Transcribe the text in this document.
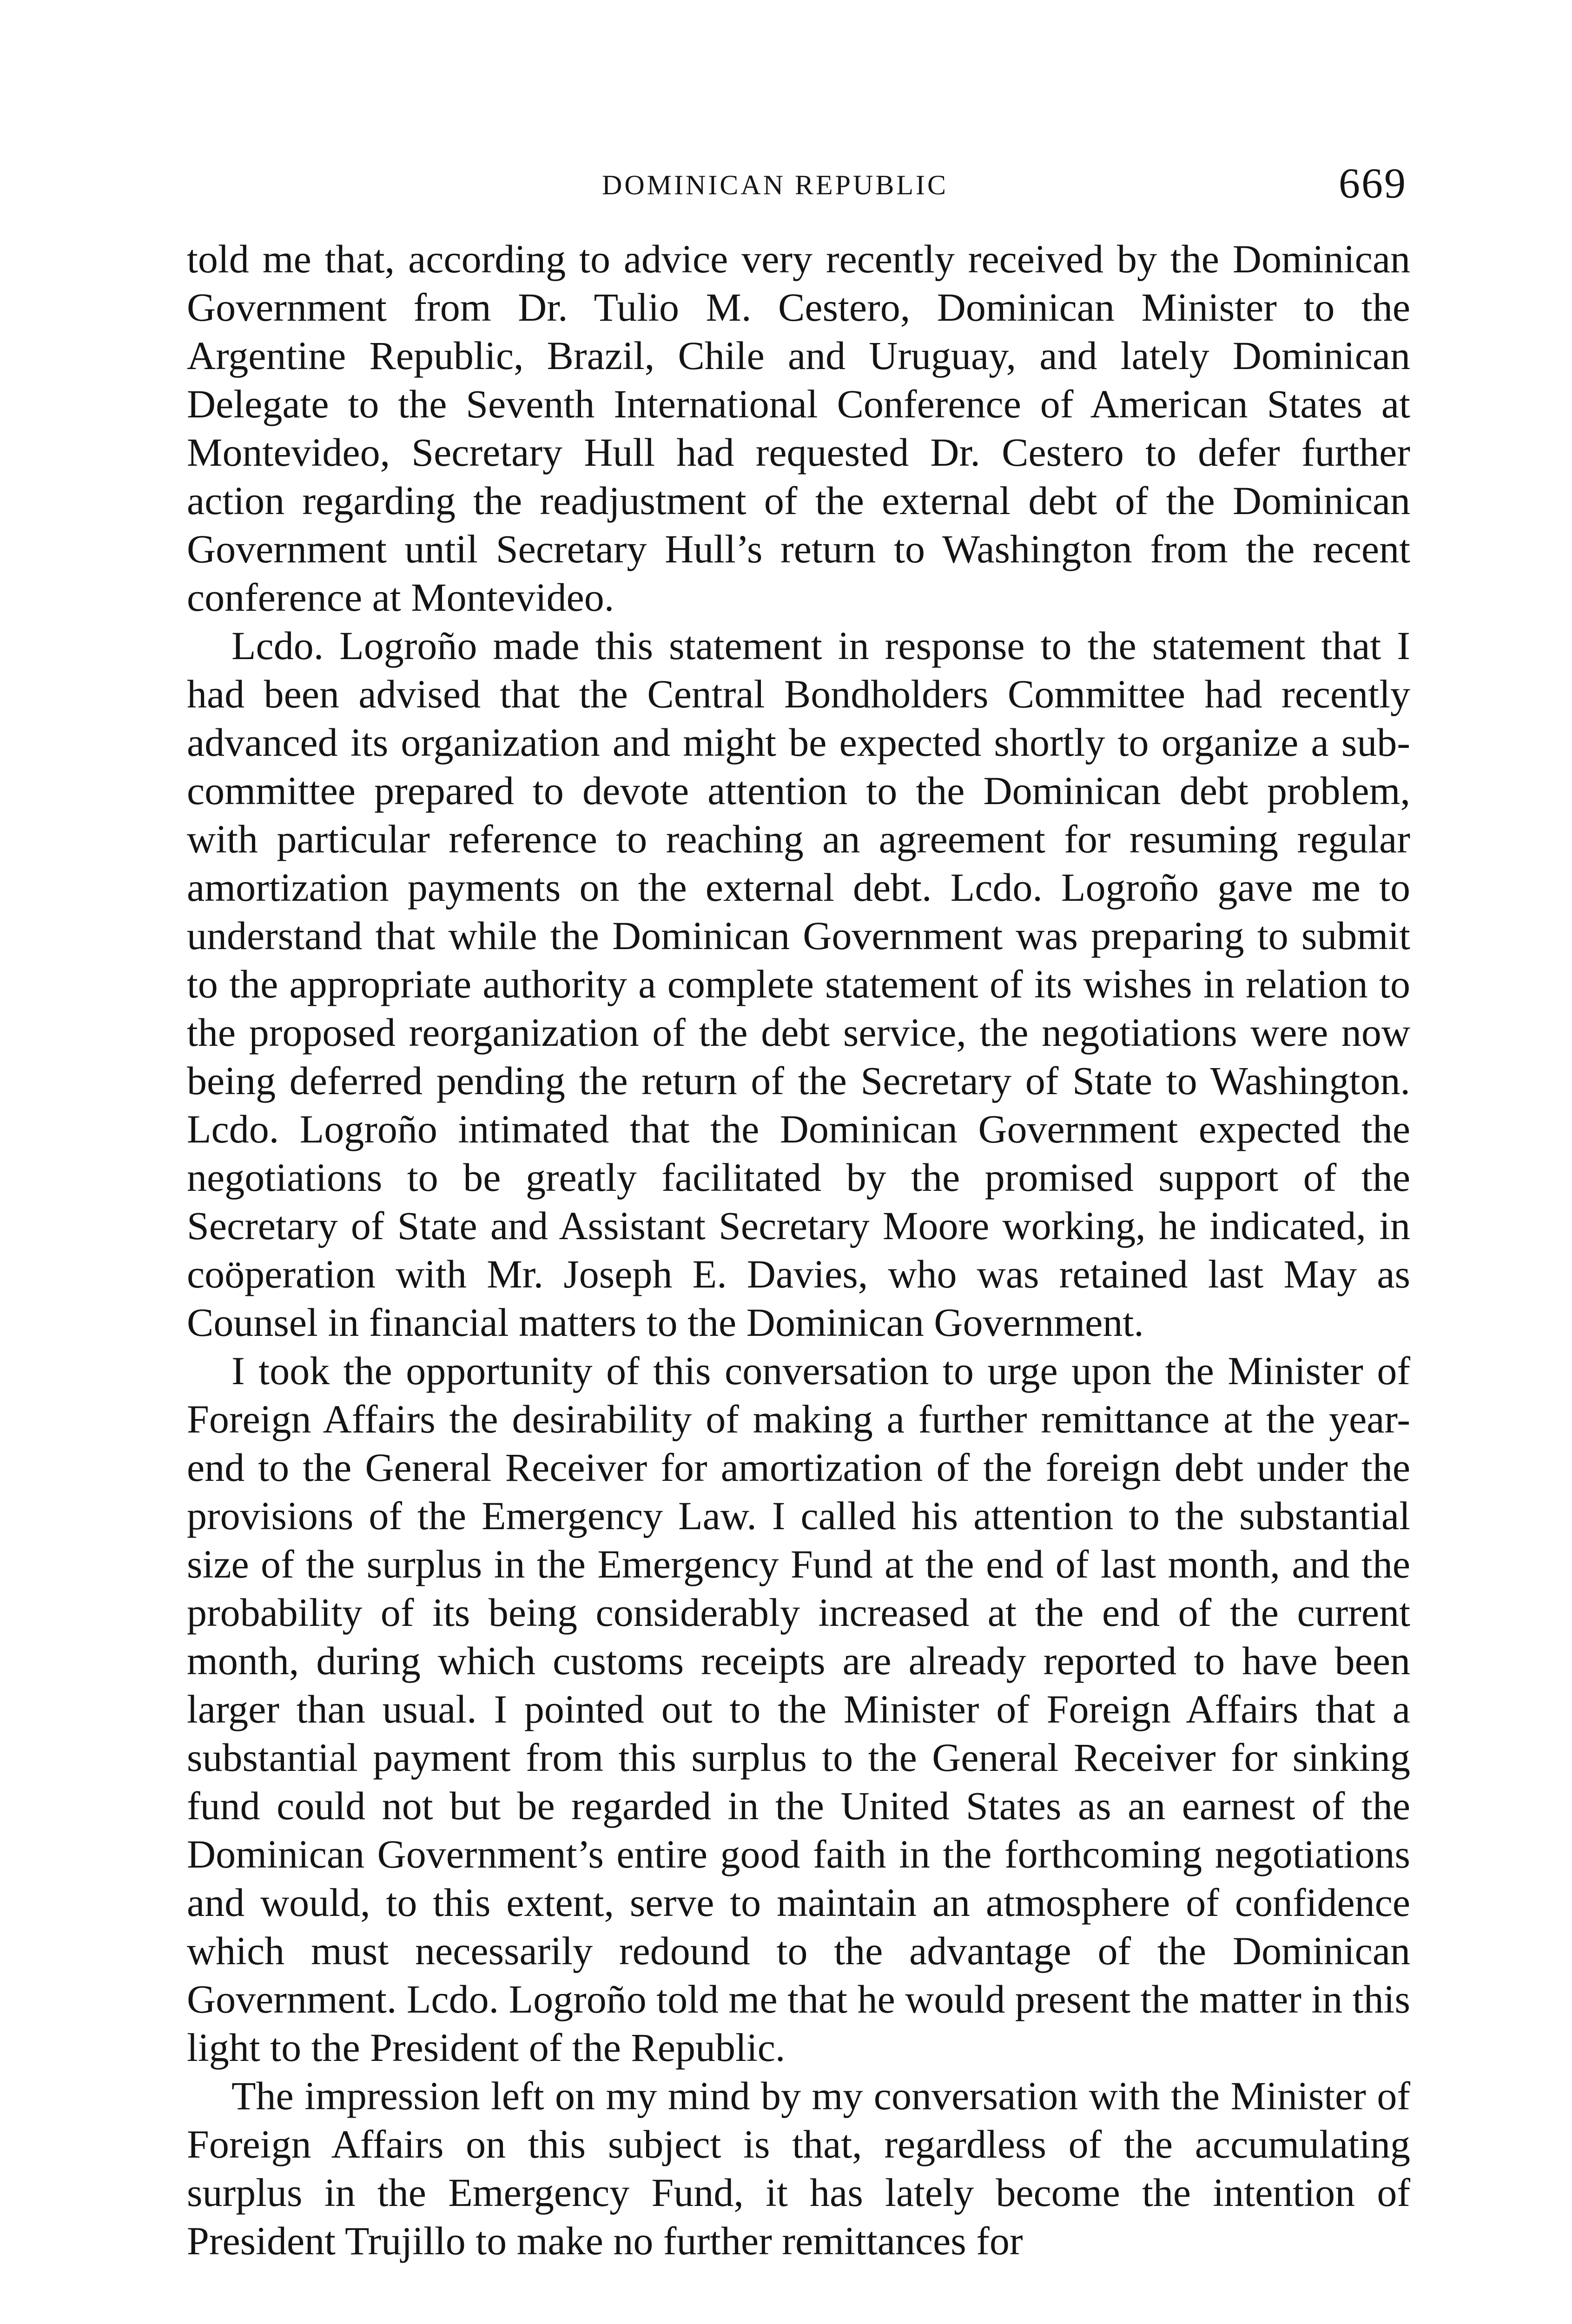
DOMINICAN REPUBLIC	669

told me that, according to advice very recently received by the Dominican Government from Dr. Tulio M. Cestero, Dominican Minister to the Argentine Republic, Brazil, Chile and Uruguay, and lately Dominican Delegate to the Seventh International Conference of American States at Montevideo, Secretary Hull had requested Dr. Cestero to defer further action regarding the readjustment of the external debt of the Dominican Government until Secretary Hull’s return to Washington from the recent conference at Montevideo.

Lcdo. Logroño made this statement in response to the statement that I had been advised that the Central Bondholders Committee had recently advanced its organization and might be expected shortly to organize a sub-committee prepared to devote attention to the Dominican debt problem, with particular reference to reaching an agreement for resuming regular amortization payments on the external debt. Lcdo. Logroño gave me to understand that while the Dominican Government was preparing to submit to the appropriate authority a complete statement of its wishes in relation to the proposed reorganization of the debt service, the negotiations were now being deferred pending the return of the Secretary of State to Washington. Lcdo. Logroño intimated that the Dominican Government expected the negotiations to be greatly facilitated by the promised support of the Secretary of State and Assistant Secretary Moore working, he indicated, in coöperation with Mr. Joseph E. Davies, who was retained last May as Counsel in financial matters to the Dominican Government.

I took the opportunity of this conversation to urge upon the Minister of Foreign Affairs the desirability of making a further remittance at the year-end to the General Receiver for amortization of the foreign debt under the provisions of the Emergency Law. I called his attention to the substantial size of the surplus in the Emergency Fund at the end of last month, and the probability of its being considerably increased at the end of the current month, during which customs receipts are already reported to have been larger than usual. I pointed out to the Minister of Foreign Affairs that a substantial payment from this surplus to the General Receiver for sinking fund could not but be regarded in the United States as an earnest of the Dominican Government’s entire good faith in the forthcoming negotiations and would, to this extent, serve to maintain an atmosphere of confidence which must necessarily redound to the advantage of the Dominican Government. Lcdo. Logroño told me that he would present the matter in this light to the President of the Republic.

The impression left on my mind by my conversation with the Minister of Foreign Affairs on this subject is that, regardless of the accumulating surplus in the Emergency Fund, it has lately become the intention of President Trujillo to make no further remittances for
